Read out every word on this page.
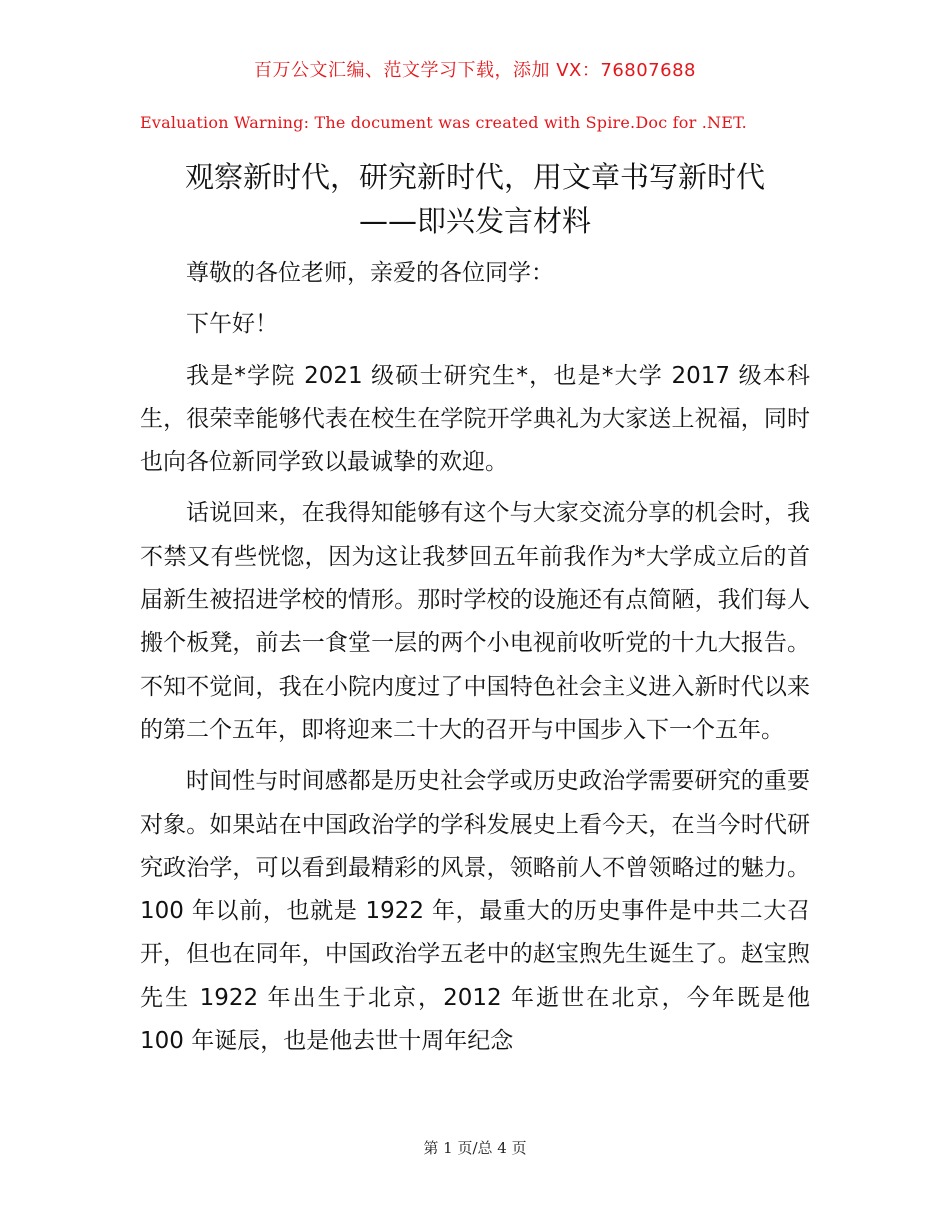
百万公文汇编、范文学习下载，添加 VX：76807688
Evaluation Warning: The document was created with Spire.Doc for .NET.
观察新时代，研究新时代，用文章书写新时代
——即兴发言材料

尊敬的各位老师，亲爱的各位同学：

下午好！

我是*学院 2021 级硕士研究生*，也是*大学 2017 级本科生，很荣幸能够代表在校生在学院开学典礼为大家送上祝福，同时也向各位新同学致以最诚挚的欢迎。

话说回来，在我得知能够有这个与大家交流分享的机会时，我不禁又有些恍惚，因为这让我梦回五年前我作为*大学成立后的首届新生被招进学校的情形。那时学校的设施还有点简陋，我们每人搬个板凳，前去一食堂一层的两个小电视前收听党的十九大报告。不知不觉间，我在小院内度过了中国特色社会主义进入新时代以来的第二个五年，即将迎来二十大的召开与中国步入下一个五年。

时间性与时间感都是历史社会学或历史政治学需要研究的重要对象。如果站在中国政治学的学科发展史上看今天，在当今时代研究政治学，可以看到最精彩的风景，领略前人不曾领略过的魅力。100 年以前，也就是 1922 年，最重大的历史事件是中共二大召开，但也在同年，中国政治学五老中的赵宝煦先生诞生了。赵宝煦先生 1922 年出生于北京，2012 年逝世在北京，今年既是他 100 年诞辰，也是他去世十周年纪念

第 1 页/总 4 页
